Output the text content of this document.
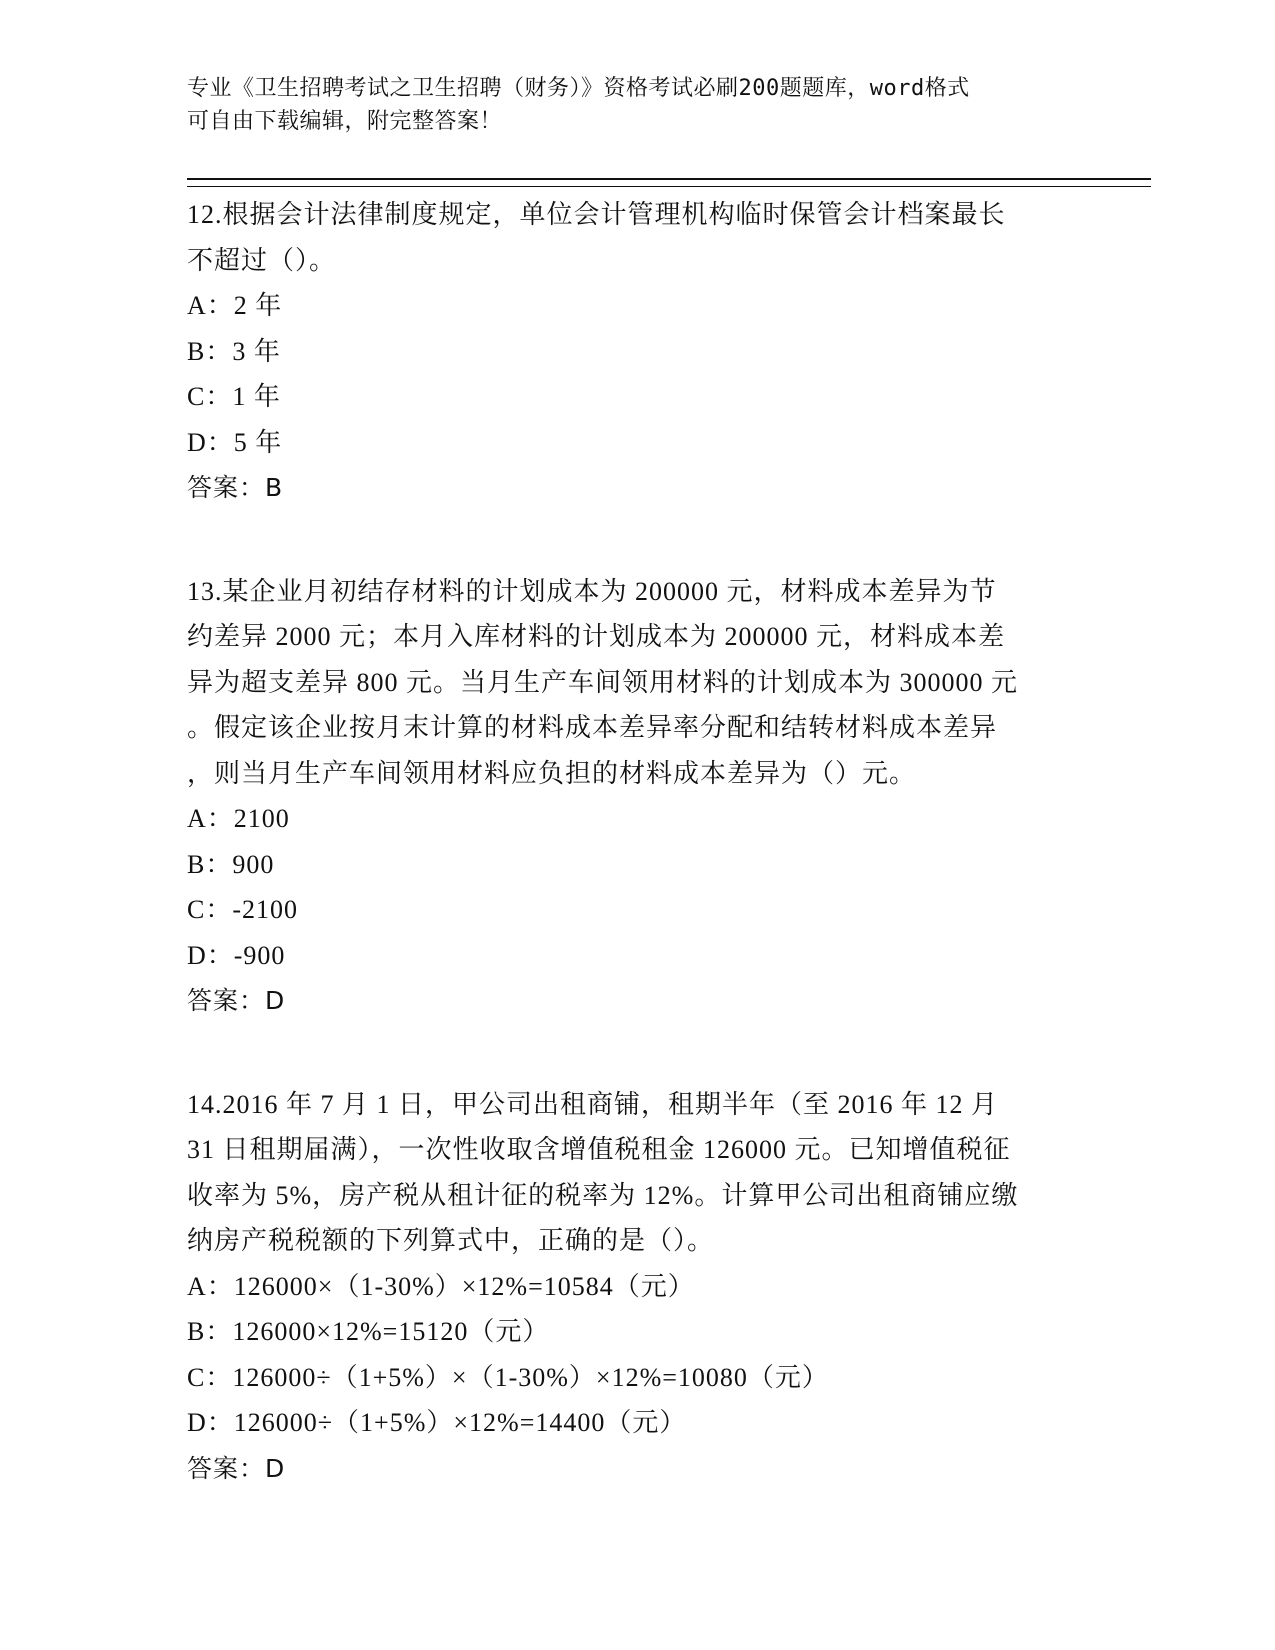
专业《卫生招聘考试之卫生招聘（财务）》资格考试必刷200题题库，word格式
可自由下载编辑，附完整答案！

12.根据会计法律制度规定，单位会计管理机构临时保管会计档案最长

不超过（）。

A：2 年

B：3 年

C：1 年

D：5 年

答案：B

13.某企业月初结存材料的计划成本为 200000 元，材料成本差异为节

约差异 2000 元；本月入库材料的计划成本为 200000 元，材料成本差

异为超支差异 800 元。当月生产车间领用材料的计划成本为 300000 元

。假定该企业按月末计算的材料成本差异率分配和结转材料成本差异

，则当月生产车间领用材料应负担的材料成本差异为（）元。

A：2100

B：900

C：-2100

D：-900

答案：D

14.2016 年 7 月 1 日，甲公司出租商铺，租期半年（至 2016 年 12 月

31 日租期届满），一次性收取含增值税租金 126000 元。已知增值税征

收率为 5%，房产税从租计征的税率为 12%。计算甲公司出租商铺应缴

纳房产税税额的下列算式中，正确的是（）。

A：126000×（1-30%）×12%=10584（元）

B：126000×12%=15120（元）

C：126000÷（1+5%）×（1-30%）×12%=10080（元）

D：126000÷（1+5%）×12%=14400（元）

答案：D
